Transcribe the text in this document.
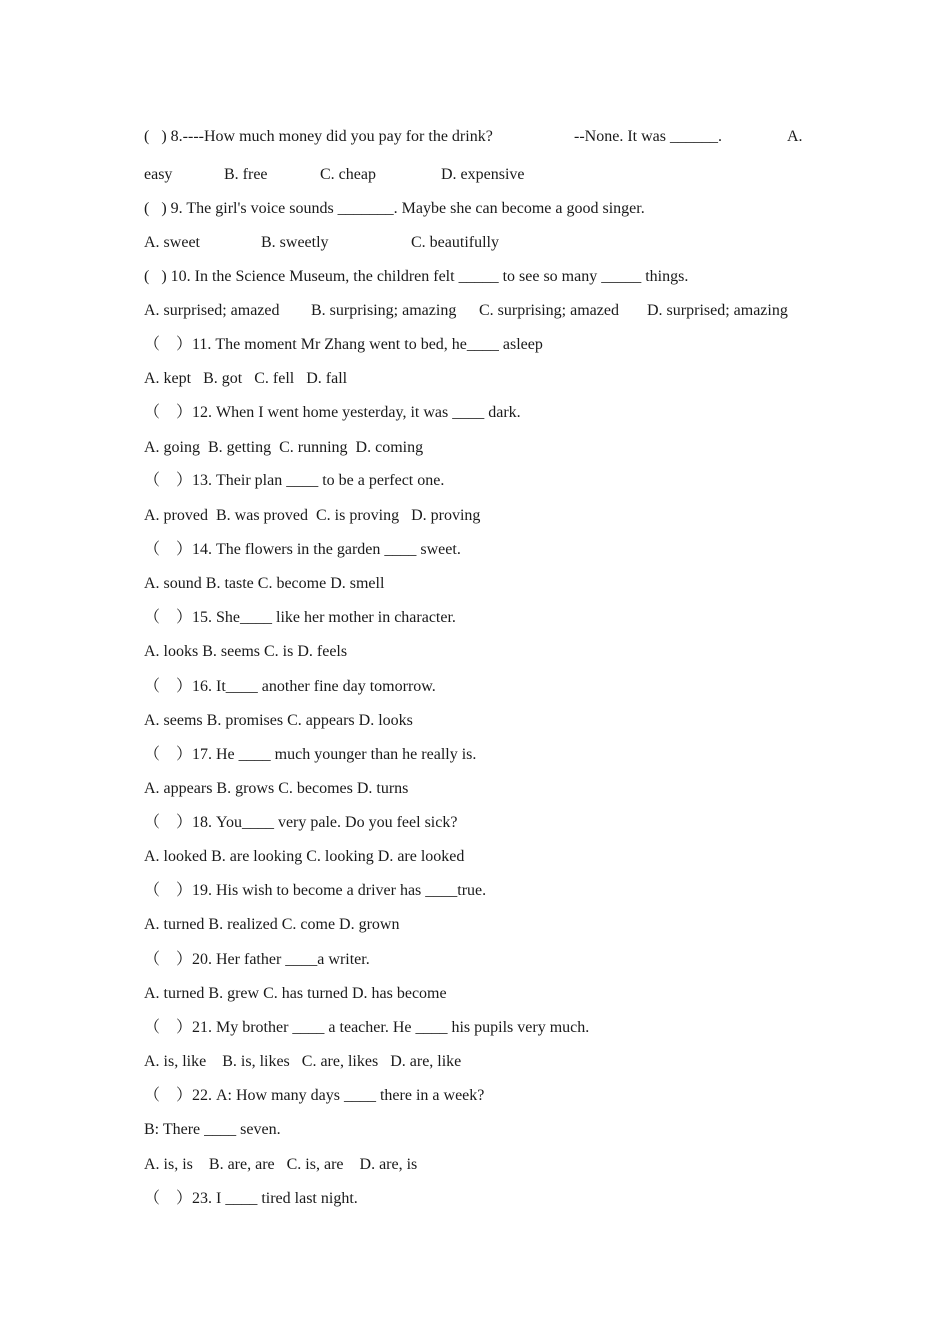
(   ) 8.----How much money did you pay for the drink?

	--None. It was ______.

	A.

easy

	B. free

	C. cheap

	D. expensive

(   ) 9. The girl's voice sounds _______. Maybe she can become a good singer.

A. sweet

	B. sweetly

	C. beautifully

(   ) 10. In the Science Museum, the children felt _____ to see so many _____ things.

A. surprised; amazed

B. surprising; amazing

C. surprising; amazed

D. surprised; amazing

（    ）11. The moment Mr Zhang went to bed, he____ asleep
A. kept   B. got   C. fell   D. fall
（    ）12. When I went home yesterday, it was ____ dark.
A. going  B. getting  C. running  D. coming
（    ）13. Their plan ____ to be a perfect one.
A. proved  B. was proved  C. is proving   D. proving
（    ）14. The flowers in the garden ____ sweet.
A. sound B. taste C. become D. smell
（    ）15. She____ like her mother in character.
A. looks B. seems C. is D. feels
（    ）16. It____ another fine day tomorrow.
A. seems B. promises C. appears D. looks
（    ）17. He ____ much younger than he really is.
A. appears B. grows C. becomes D. turns
（    ）18. You____ very pale. Do you feel sick?
A. looked B. are looking C. looking D. are looked
（    ）19. His wish to become a driver has ____true.
A. turned B. realized C. come D. grown
（    ）20. Her father ____a writer.
A. turned B. grew C. has turned D. has become
（    ）21. My brother ____ a teacher. He ____ his pupils very much.
A. is, like    B. is, likes   C. are, likes   D. are, like
（    ）22. A: How many days ____ there in a week?
B: There ____ seven.
A. is, is    B. are, are   C. is, are    D. are, is
（    ）23. I ____ tired last night.
